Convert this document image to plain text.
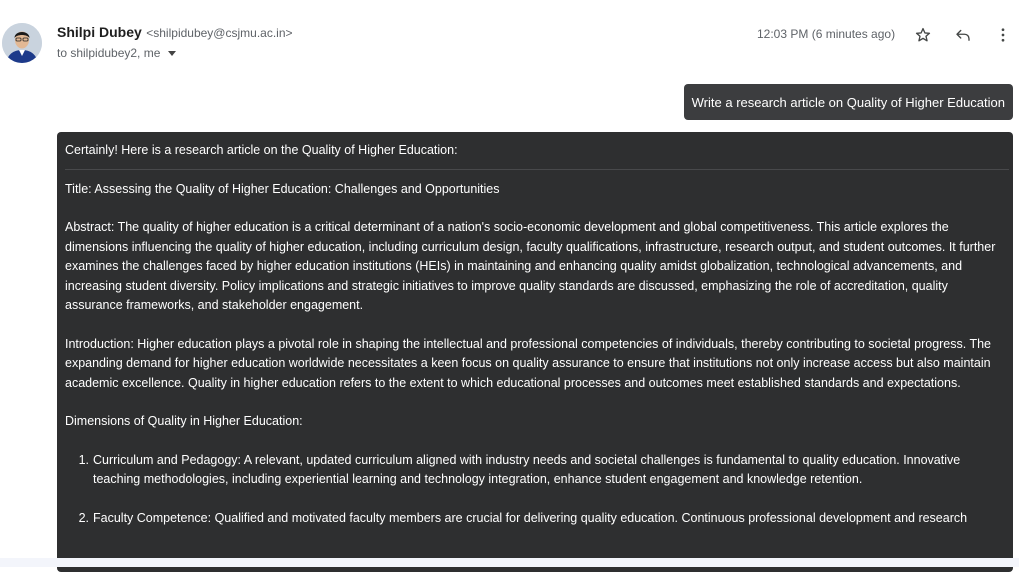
Shilpi Dubey <shilpidubey@csjmu.ac.in>
to shilpidubey2, me
12:03 PM (6 minutes ago)
Write a research article on Quality of Higher Education

Certainly! Here is a research article on the Quality of Higher Education:

Title: Assessing the Quality of Higher Education: Challenges and Opportunities

Abstract: The quality of higher education is a critical determinant of a nation's socio-economic development and global competitiveness. This article explores the dimensions influencing the quality of higher education, including curriculum design, faculty qualifications, infrastructure, research output, and student outcomes. It further examines the challenges faced by higher education institutions (HEIs) in maintaining and enhancing quality amidst globalization, technological advancements, and increasing student diversity. Policy implications and strategic initiatives to improve quality standards are discussed, emphasizing the role of accreditation, quality assurance frameworks, and stakeholder engagement.

Introduction: Higher education plays a pivotal role in shaping the intellectual and professional competencies of individuals, thereby contributing to societal progress. The expanding demand for higher education worldwide necessitates a keen focus on quality assurance to ensure that institutions not only increase access but also maintain academic excellence. Quality in higher education refers to the extent to which educational processes and outcomes meet established standards and expectations.

Dimensions of Quality in Higher Education:

1. Curriculum and Pedagogy: A relevant, updated curriculum aligned with industry needs and societal challenges is fundamental to quality education. Innovative teaching methodologies, including experiential learning and technology integration, enhance student engagement and knowledge retention.
2. Faculty Competence: Qualified and motivated faculty members are crucial for delivering quality education. Continuous professional development and research
